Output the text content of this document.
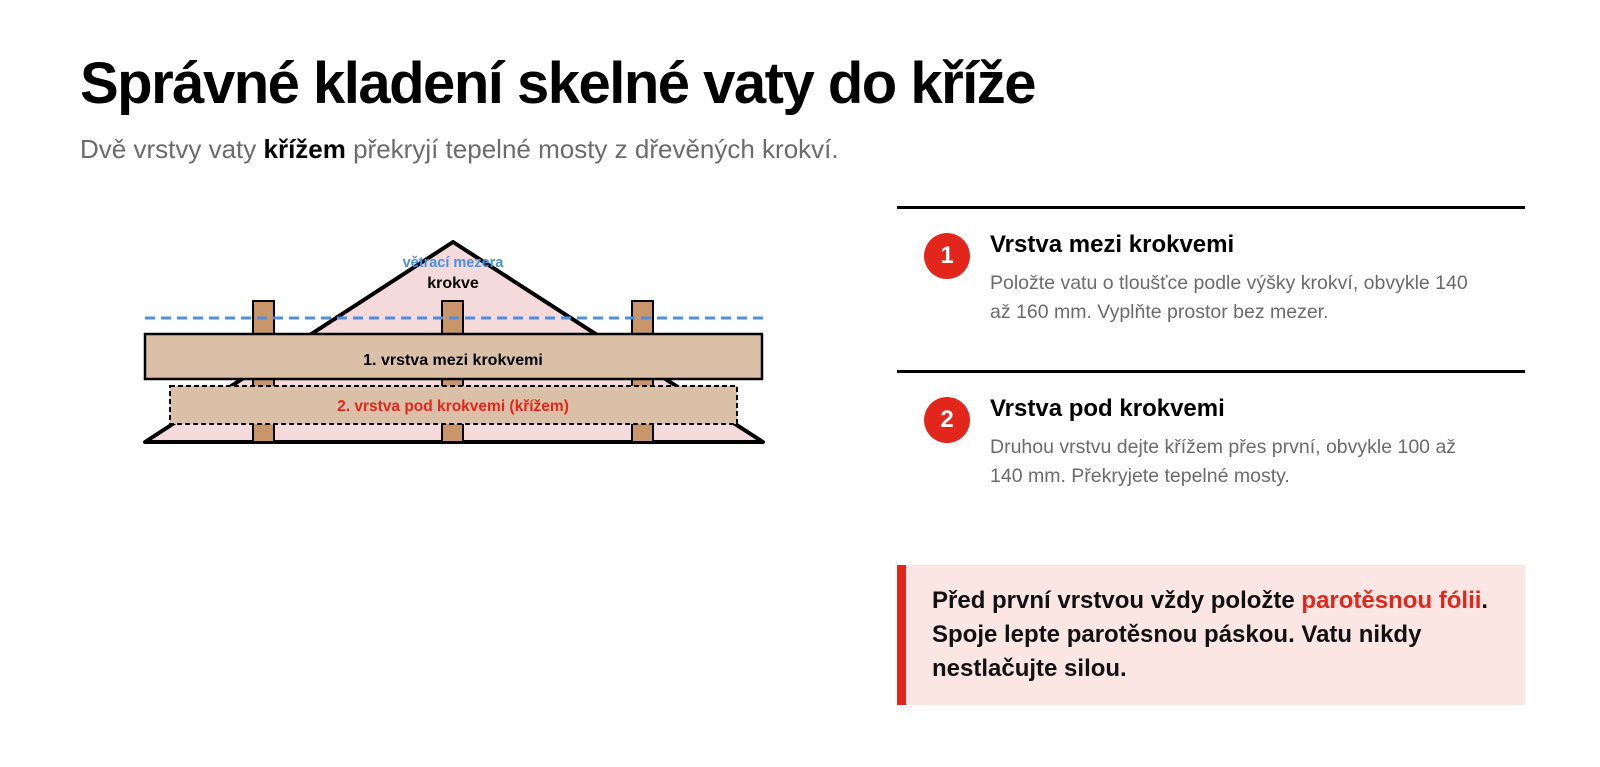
Správné kladení skelné vaty do kříže

Dvě vrstvy vaty křížem překryjí tepelné mosty z dřevěných krokví.

větrací mezera
krokve
1. vrstva mezi krokvemi
2. vrstva pod krokvemi (křížem)
1	Vrstva mezi krokvemi

Položte vatu o tloušťce podle výšky krokví, obvykle 140 až 160 mm. Vyplňte prostor bez mezer.

2	Vrstva pod krokvemi

Druhou vrstvu dejte křížem přes první, obvykle 100 až 140 mm. Překryjete tepelné mosty.

Před první vrstvou vždy položte parotěsnou fólii. Spoje lepte parotěsnou páskou. Vatu nikdy nestlačujte silou.
